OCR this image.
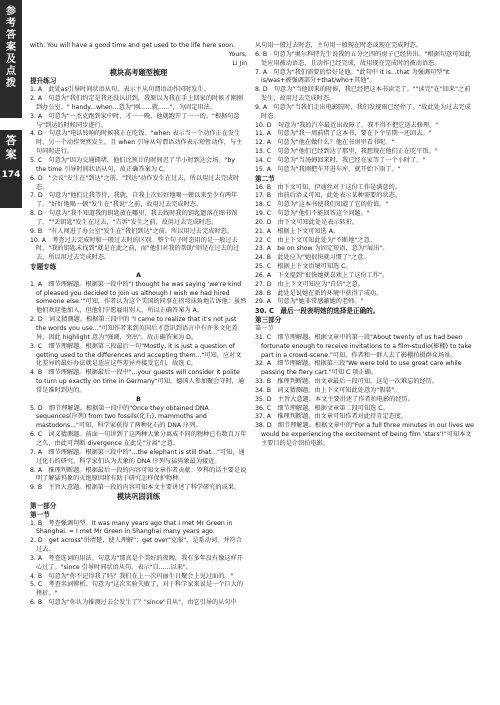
参
考
答
案
及
点
拨
答
案
174

with. You will have a good time and get used to the life here soon.

Yours,

Li Jin

模块高考题型梳理

提升练习

1. A　此处as引导时间状语从句，表示主从句谓语动作同时发生。

2. A　句意为"我们约定是我还没认识到，我原以为我在手上回家的时候才刚刚到办公室。" handy...when...意为"刚......就......"，为固定用法。

3. A　句意为"一杰克跑到家中时，才一一晚，他就跑开了一一的。"根据句意与"到达的时候同步进行。

4. D　句意为"电话铃响的时候我正在吃饭。"when 表示当一个动作正在发生时，另一个动作突然发生，且 when 引导从句谓语动作表示短暂动作，与主句同时进行。

5. C　句意为"因为交通拥堵，他们比预计的时间迟了半小时到达会场。"by the time 引导时间状语从句，故正确答案为 C。

6. D　"会议"发生在"到达"之前，"到达"动作发生在过去，所以用过去完成时态。

7. D　句意为"他们让我等待，我就，自我上次好好地喝一顿以来至少有两年了。"好好地喝一顿"发生在"我说"之前，故用过去完成时态。

8. D　句意为"我不知道我的钥匙放在哪里，我去找时我的钥匙遗落在图书馆了。""丢钥匙"发生在过去，"告诉"发生之前，故用过去完成时态。

9. B　"有人闯进了办公室"发生在"我们到达"之前，所以用过去完成时态。

10. A　考查过去完成时和一般过去时的区别。整个句子时态用的是一般过去时，"我的钥匙未找到"就是在此之前，而"他们对我的帮助"则是在过去的过去，所以用过去完成时态。

专题专练

A

1. A　细节理解题。根据第一段中的"I thought he was saying 'we're kind of pleased you decided to join us although I wish we had hired someone else.'"可知，作者认为这个美国的同事在拐弯抹角地告诉他：虽然他们欢迎他加入，但他们宁愿雇用别人，所以正确答案为 A。

2. D　词义猜测题。根据第三段中的 "I came to realize that it's not just the words you use..."可知作者来到英国后才意识到语言中有许多文化差异，因此 highlight 意为"强调，突出"，故正确答案为 D。

3. C　细节理解题。根据第三段最后一句"Mostly, it is just a question of getting used to the differences and accepting them..."可知，应对文化差异的最好办法就是适应这些差异并接受它们，故选 C。

4. B　细节理解题。根据最后一段中"...your guests will consider it polite to turn up exactly on time in Germany"可知，德国人参加聚会守时，通常是准时到达的。

B

5. D　细节理解题。根据第一段中的"Once they obtained DNA sequences(序列) from two fossils(化石), mammoths and mastodons..."可知，科学家获得了两种化石的 DNA 序列。

6. C　词义猜测题。前面一句讲到了这两种大象分离成不同的物种已有数百万年之久，由此可判断 divergence 在此是"分离"之意。

7. A　细节理解题。根据第三段中的"...the elephant is still that..."可知，通过化石的研究，科学家们认为大象的 DNA 序列与猛犸象最为接近。

8. A　推理判断题。根据最后一段的内容可知文章作者贡献：罗科的话主要是说明了解猛犸象的灭绝原因将有助于研究怎样保护物种。

9. B　主旨大意题。根据第一段的内容可知本文主要讲述了科学研究的成果。

模块巩固训练

第一部分

第一节

1. B　考查强调句型。It was many years ago that I met Mr Green in Shanghai. = I met Mr Green in Shanghai many years ago.

2. D　get across"讲清楚，使人理解"；get over"克服"，是系动词，并符合过去。

3. A　考查连词的用法。句意为"那真是个美好的夜晚，我有多年没有像这样开心过了。"since 引导时间状语从句，表示"自......以来"。

4. B　句意为"你不记得我了吗？我们在上一次玛丽生日聚会上见过面的。"

5. C　考查名词辨析。句意为"这次实验失败了，对于科学家来说是一个巨大的挫折。"

6. B　句意为"你认为推测过去会发生了？"since"自从"，由它引导的从句中

从句用一般过去时态，主句用一般现在时态或现在完成时态。

6. B　句意为"奥尔科特先生说我的五分之四的房子已经售出。"根据句意可知此处应用被动语态，且动作已经完成，故用现在完成时的被动语态。

7. A　句意为"我们需要的恰好是他。"此句中 it is...that 为强调句型"It is/was+被强调部分+that/who+其他"。

8. D　句意为"当他回来的时候，我已经把这本书读完了。""读完"在"回来"之前发生，故用过去完成时态。

9. A　句意为"当我们走出电影院时，我们发现雨已经停了。"故此处为过去完成时态。

10. D　句意为"我的汽车最近出故障了，我不得不把它送去修理。"

11. A　句意为"我一周前借了这本书，要在下个星期一还回去。"

12. A　句意为"他在做什么？他在书房里看书呢。"

13. C　句意为"他们已经到达了那里，我想现在他们正在吃午饭。"

14. C　句意为"当汤姆回来时，我已经在家等了一个小时了。"

15. A　句意为"我刚把车开进车库，就开始下雨了。"

第二节

16. B　由下文可知，伊迪丝对于这份工作是满意的。

17. B　由前后语义可知，此处表示某种需要的状态。

18. C　句意为"这本书使我们知道了它的价值。"

19. C　句意为"他们不能回答这个问题。"

20. D　由下文可知此处是表示转折。

21. A　根据上下文可知选 A。

22. C　由上下文可知此处为"不断地"之意。

23. A　be on show 为固定短语，意为"展出"。

24. B　此处应为"她很快就习惯了"之意。

25. C　根据上下文语境可知选 C。

26. A　下文提到"很快她就喜欢上了这份工作"。

27. D　由上下文可知应为"自信"之意。

28. B　此处是说她在新的环境中获得了成功。

29. A　句意为"她非常感激她的老师。"

30. C　最后一段表明她的选择是正确的。

第三部分

第一节

31. C　细节理解题。根据文章中的第一段"About twenty of us had been fortunate enough to receive invitations to a film-studio(影棚) to take part in a crowd-scene."可知，作者和一群人去了影棚拍摄群众场景。

32. A　细节理解题。根据第三段"We were told to use great care while passing the fiery cart."可知 C 项正确。

33. B　推理判断题。由文章最后一段可知，这是一次难忘的经历。

34. B　词义猜测题。由上下文可知此处意为"假装"。

35. D　主旨大意题。本文主要讲述了作者拍电影的经历。

36. C　细节理解题。根据文章第二段可知选 C。

37. A　推理判断题。由文章可知作者对此持肯定态度。

38. D　细节理解题。根据文章中的"For a full three minutes in our lives we would be experiencing the excitement of being film 'stars'!"可知本文主要目的是介绍拍电影。
